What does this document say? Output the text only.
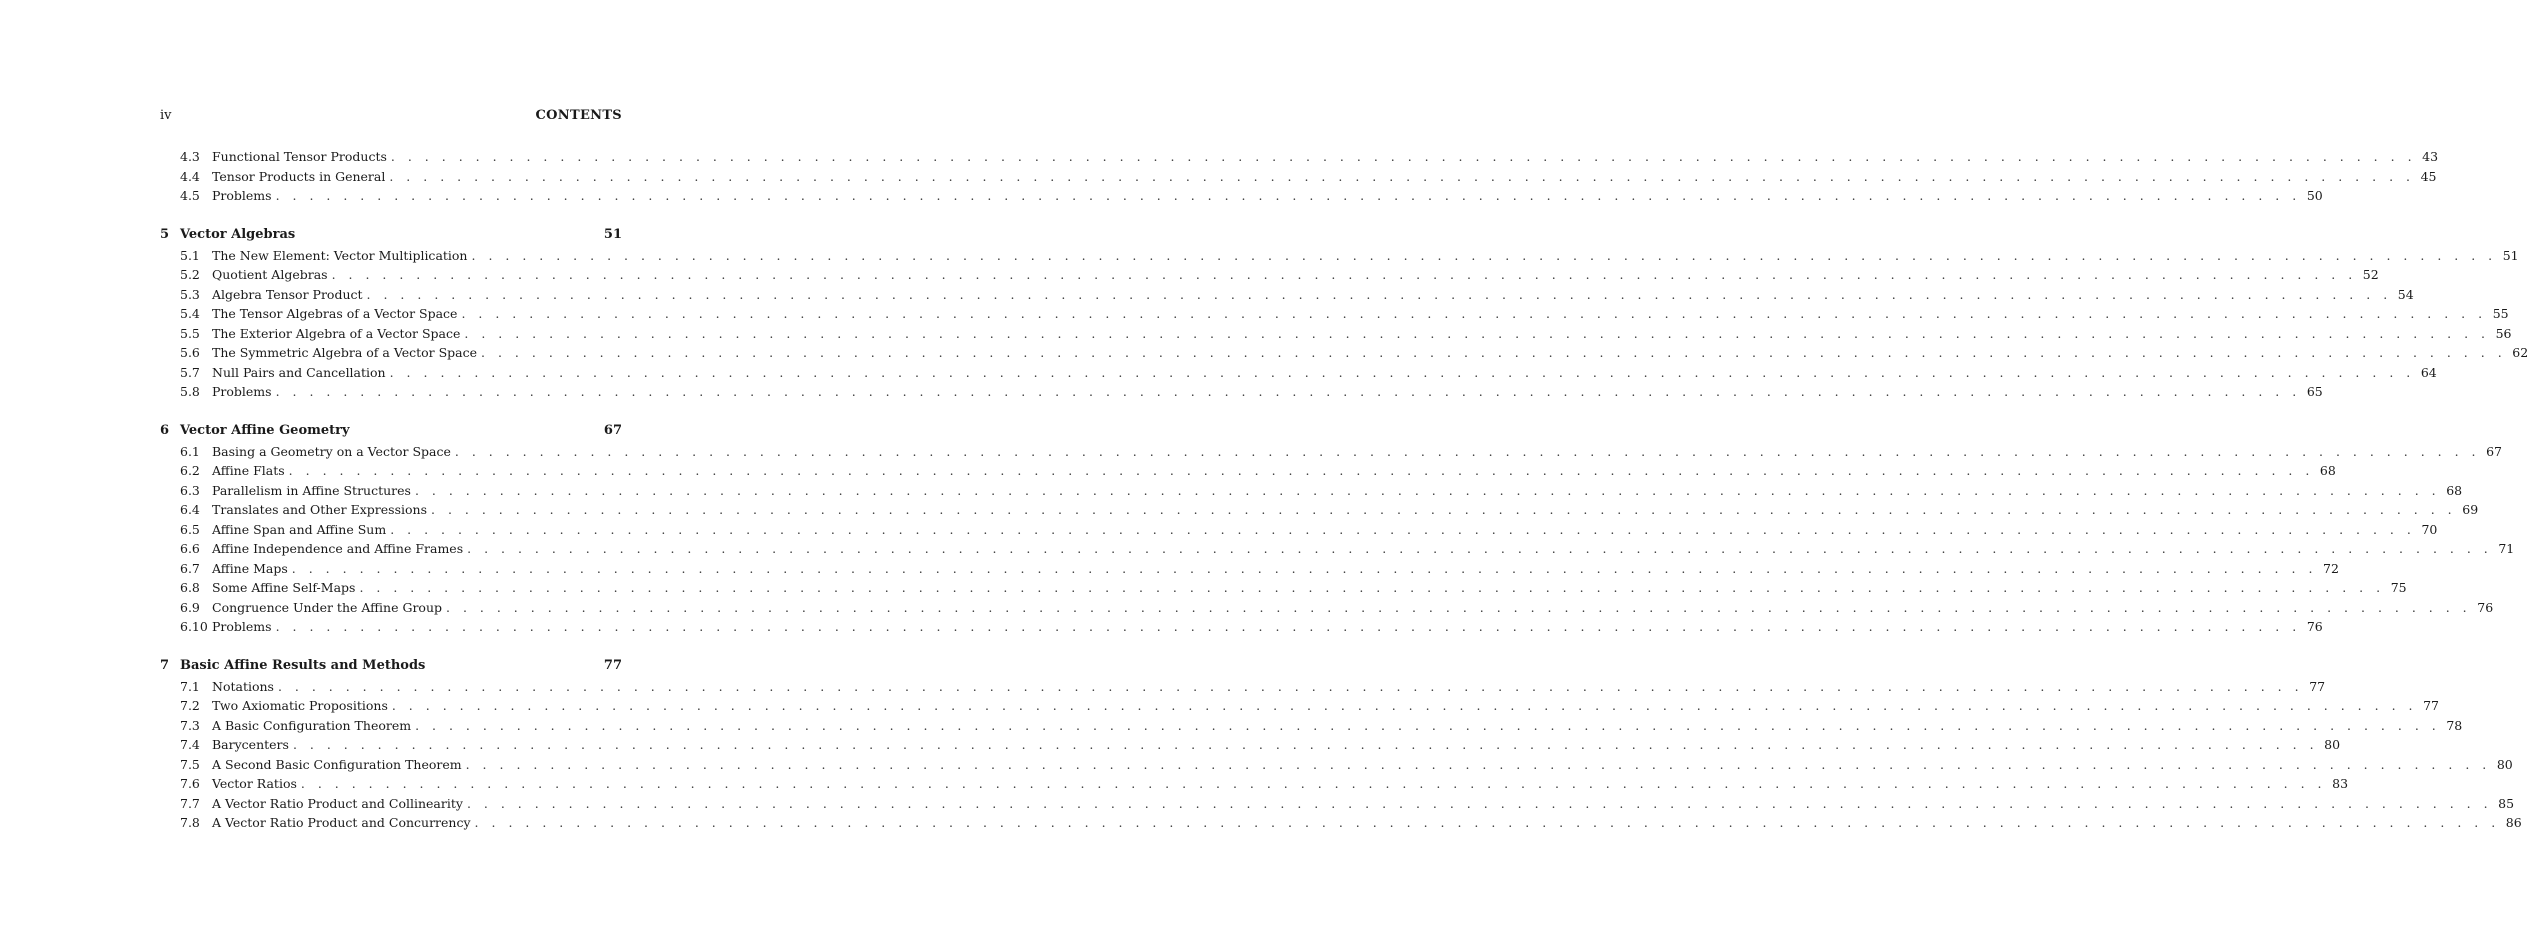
iv	CONTENTS
4.3 Functional Tensor Products . . . . . . . . . . . . . . . . . . . . . . . . . . . . . . . . . . . . . . . . . . . . . . . . . . . . . . . . . . . . . . . . . . . . . . . . . . . . . . . . . . . . . . . . . . . . . . . . . . . . . . . . . . . . . . . . . . . . . . . . 43
4.4 Tensor Products in General . . . . . . . . . . . . . . . . . . . . . . . . . . . . . . . . . . . . . . . . . . . . . . . . . . . . . . . . . . . . . . . . . . . . . . . . . . . . . . . . . . . . . . . . . . . . . . . . . . . . . . . . . . . . . . . . . . . . . . . . 45
4.5 Problems . . . . . . . . . . . . . . . . . . . . . . . . . . . . . . . . . . . . . . . . . . . . . . . . . . . . . . . . . . . . . . . . . . . . . . . . . . . . . . . . . . . . . . . . . . . . . . . . . . . . . . . . . . . . . . . . . . . . . . . . 50
5 Vector Algebras	51
5.1 The New Element: Vector Multiplication . . . . . . . . . . . . . . . . . . . . . . . . . . . . . . . . . . . . . . . . . . . . . . . . . . . . . . . . . . . . . . . . . . . . . . . . . . . . . . . . . . . . . . . . . . . . . . . . . . . . . . . . . . . . . . . . . . . . . . . . 51
5.2 Quotient Algebras . . . . . . . . . . . . . . . . . . . . . . . . . . . . . . . . . . . . . . . . . . . . . . . . . . . . . . . . . . . . . . . . . . . . . . . . . . . . . . . . . . . . . . . . . . . . . . . . . . . . . . . . . . . . . . . . . . . . . . . . 52
5.3 Algebra Tensor Product . . . . . . . . . . . . . . . . . . . . . . . . . . . . . . . . . . . . . . . . . . . . . . . . . . . . . . . . . . . . . . . . . . . . . . . . . . . . . . . . . . . . . . . . . . . . . . . . . . . . . . . . . . . . . . . . . . . . . . . . 54
5.4 The Tensor Algebras of a Vector Space . . . . . . . . . . . . . . . . . . . . . . . . . . . . . . . . . . . . . . . . . . . . . . . . . . . . . . . . . . . . . . . . . . . . . . . . . . . . . . . . . . . . . . . . . . . . . . . . . . . . . . . . . . . . . . . . . . . . . . . . 55
5.5 The Exterior Algebra of a Vector Space . . . . . . . . . . . . . . . . . . . . . . . . . . . . . . . . . . . . . . . . . . . . . . . . . . . . . . . . . . . . . . . . . . . . . . . . . . . . . . . . . . . . . . . . . . . . . . . . . . . . . . . . . . . . . . . . . . . . . . . . 56
5.6 The Symmetric Algebra of a Vector Space . . . . . . . . . . . . . . . . . . . . . . . . . . . . . . . . . . . . . . . . . . . . . . . . . . . . . . . . . . . . . . . . . . . . . . . . . . . . . . . . . . . . . . . . . . . . . . . . . . . . . . . . . . . . . . . . . . . . . . . . 62
5.7 Null Pairs and Cancellation . . . . . . . . . . . . . . . . . . . . . . . . . . . . . . . . . . . . . . . . . . . . . . . . . . . . . . . . . . . . . . . . . . . . . . . . . . . . . . . . . . . . . . . . . . . . . . . . . . . . . . . . . . . . . . . . . . . . . . . . 64
5.8 Problems . . . . . . . . . . . . . . . . . . . . . . . . . . . . . . . . . . . . . . . . . . . . . . . . . . . . . . . . . . . . . . . . . . . . . . . . . . . . . . . . . . . . . . . . . . . . . . . . . . . . . . . . . . . . . . . . . . . . . . . . 65
6 Vector Affine Geometry	67
6.1 Basing a Geometry on a Vector Space . . . . . . . . . . . . . . . . . . . . . . . . . . . . . . . . . . . . . . . . . . . . . . . . . . . . . . . . . . . . . . . . . . . . . . . . . . . . . . . . . . . . . . . . . . . . . . . . . . . . . . . . . . . . . . . . . . . . . . . . 67
6.2 Affine Flats . . . . . . . . . . . . . . . . . . . . . . . . . . . . . . . . . . . . . . . . . . . . . . . . . . . . . . . . . . . . . . . . . . . . . . . . . . . . . . . . . . . . . . . . . . . . . . . . . . . . . . . . . . . . . . . . . . . . . . . . 68
6.3 Parallelism in Affine Structures . . . . . . . . . . . . . . . . . . . . . . . . . . . . . . . . . . . . . . . . . . . . . . . . . . . . . . . . . . . . . . . . . . . . . . . . . . . . . . . . . . . . . . . . . . . . . . . . . . . . . . . . . . . . . . . . . . . . . . . . 68
6.4 Translates and Other Expressions . . . . . . . . . . . . . . . . . . . . . . . . . . . . . . . . . . . . . . . . . . . . . . . . . . . . . . . . . . . . . . . . . . . . . . . . . . . . . . . . . . . . . . . . . . . . . . . . . . . . . . . . . . . . . . . . . . . . . . . . 69
6.5 Affine Span and Affine Sum . . . . . . . . . . . . . . . . . . . . . . . . . . . . . . . . . . . . . . . . . . . . . . . . . . . . . . . . . . . . . . . . . . . . . . . . . . . . . . . . . . . . . . . . . . . . . . . . . . . . . . . . . . . . . . . . . . . . . . . . 70
6.6 Affine Independence and Affine Frames . . . . . . . . . . . . . . . . . . . . . . . . . . . . . . . . . . . . . . . . . . . . . . . . . . . . . . . . . . . . . . . . . . . . . . . . . . . . . . . . . . . . . . . . . . . . . . . . . . . . . . . . . . . . . . . . . . . . . . . . 71
6.7 Affine Maps . . . . . . . . . . . . . . . . . . . . . . . . . . . . . . . . . . . . . . . . . . . . . . . . . . . . . . . . . . . . . . . . . . . . . . . . . . . . . . . . . . . . . . . . . . . . . . . . . . . . . . . . . . . . . . . . . . . . . . . . 72
6.8 Some Affine Self-Maps . . . . . . . . . . . . . . . . . . . . . . . . . . . . . . . . . . . . . . . . . . . . . . . . . . . . . . . . . . . . . . . . . . . . . . . . . . . . . . . . . . . . . . . . . . . . . . . . . . . . . . . . . . . . . . . . . . . . . . . . 75
6.9 Congruence Under the Affine Group . . . . . . . . . . . . . . . . . . . . . . . . . . . . . . . . . . . . . . . . . . . . . . . . . . . . . . . . . . . . . . . . . . . . . . . . . . . . . . . . . . . . . . . . . . . . . . . . . . . . . . . . . . . . . . . . . . . . . . . . 76
6.10 Problems . . . . . . . . . . . . . . . . . . . . . . . . . . . . . . . . . . . . . . . . . . . . . . . . . . . . . . . . . . . . . . . . . . . . . . . . . . . . . . . . . . . . . . . . . . . . . . . . . . . . . . . . . . . . . . . . . . . . . . . . 76
7 Basic Affine Results and Methods	77
7.1 Notations . . . . . . . . . . . . . . . . . . . . . . . . . . . . . . . . . . . . . . . . . . . . . . . . . . . . . . . . . . . . . . . . . . . . . . . . . . . . . . . . . . . . . . . . . . . . . . . . . . . . . . . . . . . . . . . . . . . . . . . . 77
7.2 Two Axiomatic Propositions . . . . . . . . . . . . . . . . . . . . . . . . . . . . . . . . . . . . . . . . . . . . . . . . . . . . . . . . . . . . . . . . . . . . . . . . . . . . . . . . . . . . . . . . . . . . . . . . . . . . . . . . . . . . . . . . . . . . . . . . 77
7.3 A Basic Configuration Theorem . . . . . . . . . . . . . . . . . . . . . . . . . . . . . . . . . . . . . . . . . . . . . . . . . . . . . . . . . . . . . . . . . . . . . . . . . . . . . . . . . . . . . . . . . . . . . . . . . . . . . . . . . . . . . . . . . . . . . . . . 78
7.4 Barycenters . . . . . . . . . . . . . . . . . . . . . . . . . . . . . . . . . . . . . . . . . . . . . . . . . . . . . . . . . . . . . . . . . . . . . . . . . . . . . . . . . . . . . . . . . . . . . . . . . . . . . . . . . . . . . . . . . . . . . . . . 80
7.5 A Second Basic Configuration Theorem . . . . . . . . . . . . . . . . . . . . . . . . . . . . . . . . . . . . . . . . . . . . . . . . . . . . . . . . . . . . . . . . . . . . . . . . . . . . . . . . . . . . . . . . . . . . . . . . . . . . . . . . . . . . . . . . . . . . . . . . 80
7.6 Vector Ratios . . . . . . . . . . . . . . . . . . . . . . . . . . . . . . . . . . . . . . . . . . . . . . . . . . . . . . . . . . . . . . . . . . . . . . . . . . . . . . . . . . . . . . . . . . . . . . . . . . . . . . . . . . . . . . . . . . . . . . . . 83
7.7 A Vector Ratio Product and Collinearity . . . . . . . . . . . . . . . . . . . . . . . . . . . . . . . . . . . . . . . . . . . . . . . . . . . . . . . . . . . . . . . . . . . . . . . . . . . . . . . . . . . . . . . . . . . . . . . . . . . . . . . . . . . . . . . . . . . . . . . . 85
7.8 A Vector Ratio Product and Concurrency . . . . . . . . . . . . . . . . . . . . . . . . . . . . . . . . . . . . . . . . . . . . . . . . . . . . . . . . . . . . . . . . . . . . . . . . . . . . . . . . . . . . . . . . . . . . . . . . . . . . . . . . . . . . . . . . . . . . . . . . 86
